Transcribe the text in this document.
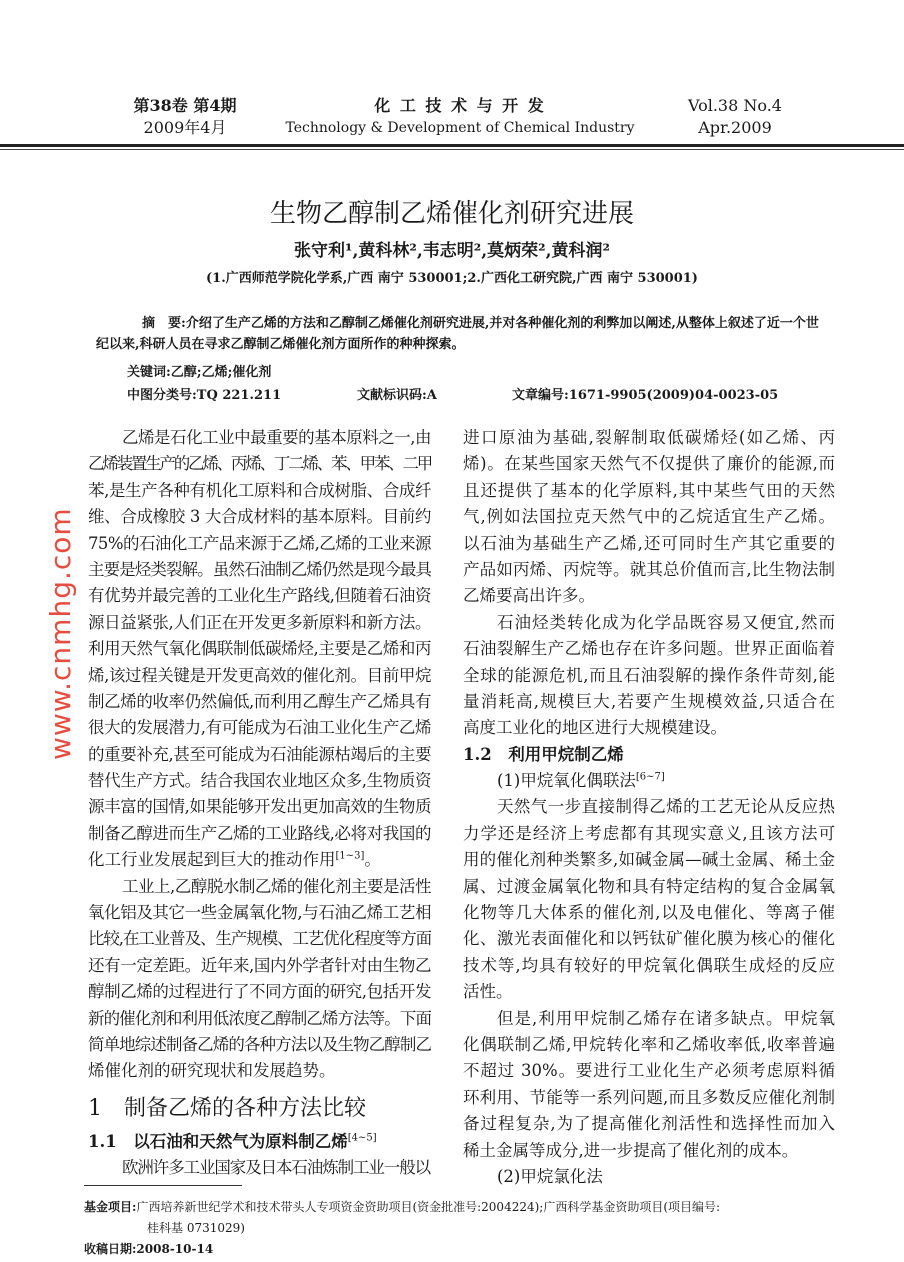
第38卷 第4期
2009年4月
化 工 技 术 与 开 发
Technology & Development of Chemical Industry
Vol.38 No.4
Apr.2009
生物乙醇制乙烯催化剂研究进展
张守利¹,黄科林²,韦志明²,莫炳荣²,黄科润²
(1.广西师范学院化学系,广西 南宁 530001;2.广西化工研究院,广西 南宁 530001)
摘　要:介绍了生产乙烯的方法和乙醇制乙烯催化剂研究进展,并对各种催化剂的利弊加以阐述,从整体上叙述了近一个世纪以来,科研人员在寻求乙醇制乙烯催化剂方面所作的种种探索。
关键词:乙醇;乙烯;催化剂
中图分类号:TQ 221.211	文献标识码:A	文章编号:1671-9905(2009)04-0023-05
乙烯是石化工业中最重要的基本原料之一,由
乙烯装置生产的乙烯、丙烯、丁二烯、苯、甲苯、二甲
苯,是生产各种有机化工原料和合成树脂、合成纤
维、合成橡胶 3 大合成材料的基本原料。目前约
75%的石油化工产品来源于乙烯,乙烯的工业来源
主要是烃类裂解。虽然石油制乙烯仍然是现今最具
有优势并最完善的工业化生产路线,但随着石油资
源日益紧张,人们正在开发更多新原料和新方法。
利用天然气氧化偶联制低碳烯烃,主要是乙烯和丙
烯,该过程关键是开发更高效的催化剂。目前甲烷
制乙烯的收率仍然偏低,而利用乙醇生产乙烯具有
很大的发展潜力,有可能成为石油工业化生产乙烯
的重要补充,甚至可能成为石油能源枯竭后的主要
替代生产方式。结合我国农业地区众多,生物质资
源丰富的国情,如果能够开发出更加高效的生物质
制备乙醇进而生产乙烯的工业路线,必将对我国的
化工行业发展起到巨大的推动作用[1~3]。
工业上,乙醇脱水制乙烯的催化剂主要是活性
氧化铝及其它一些金属氧化物,与石油乙烯工艺相
比较,在工业普及、生产规模、工艺优化程度等方面
还有一定差距。近年来,国内外学者针对由生物乙
醇制乙烯的过程进行了不同方面的研究,包括开发
新的催化剂和利用低浓度乙醇制乙烯方法等。下面
简单地综述制备乙烯的各种方法以及生物乙醇制乙
烯催化剂的研究现状和发展趋势。
1　制备乙烯的各种方法比较
1.1　以石油和天然气为原料制乙烯[4~5]
欧洲许多工业国家及日本石油炼制工业一般以
进口原油为基础,裂解制取低碳烯烃(如乙烯、丙
烯)。在某些国家天然气不仅提供了廉价的能源,而
且还提供了基本的化学原料,其中某些气田的天然
气,例如法国拉克天然气中的乙烷适宜生产乙烯。
以石油为基础生产乙烯,还可同时生产其它重要的
产品如丙烯、丙烷等。就其总价值而言,比生物法制
乙烯要高出许多。
石油烃类转化成为化学品既容易又便宜,然而
石油裂解生产乙烯也存在许多问题。世界正面临着
全球的能源危机,而且石油裂解的操作条件苛刻,能
量消耗高,规模巨大,若要产生规模效益,只适合在
高度工业化的地区进行大规模建设。
1.2　利用甲烷制乙烯
(1)甲烷氧化偶联法[6~7]
天然气一步直接制得乙烯的工艺无论从反应热
力学还是经济上考虑都有其现实意义,且该方法可
用的催化剂种类繁多,如碱金属—碱土金属、稀土金
属、过渡金属氧化物和具有特定结构的复合金属氧
化物等几大体系的催化剂,以及电催化、等离子催
化、激光表面催化和以钙钛矿催化膜为核心的催化
技术等,均具有较好的甲烷氧化偶联生成烃的反应
活性。
但是,利用甲烷制乙烯存在诸多缺点。甲烷氧
化偶联制乙烯,甲烷转化率和乙烯收率低,收率普遍
不超过 30%。要进行工业化生产必须考虑原料循
环利用、节能等一系列问题,而且多数反应催化剂制
备过程复杂,为了提高催化剂活性和选择性而加入
稀土金属等成分,进一步提高了催化剂的成本。
(2)甲烷氯化法
www.cnmhg.com
基金项目:广西培养新世纪学术和技术带头人专项资金资助项目(资金批准号:2004224);广西科学基金资助项目(项目编号:
桂科基 0731029)
收稿日期:2008-10-14
